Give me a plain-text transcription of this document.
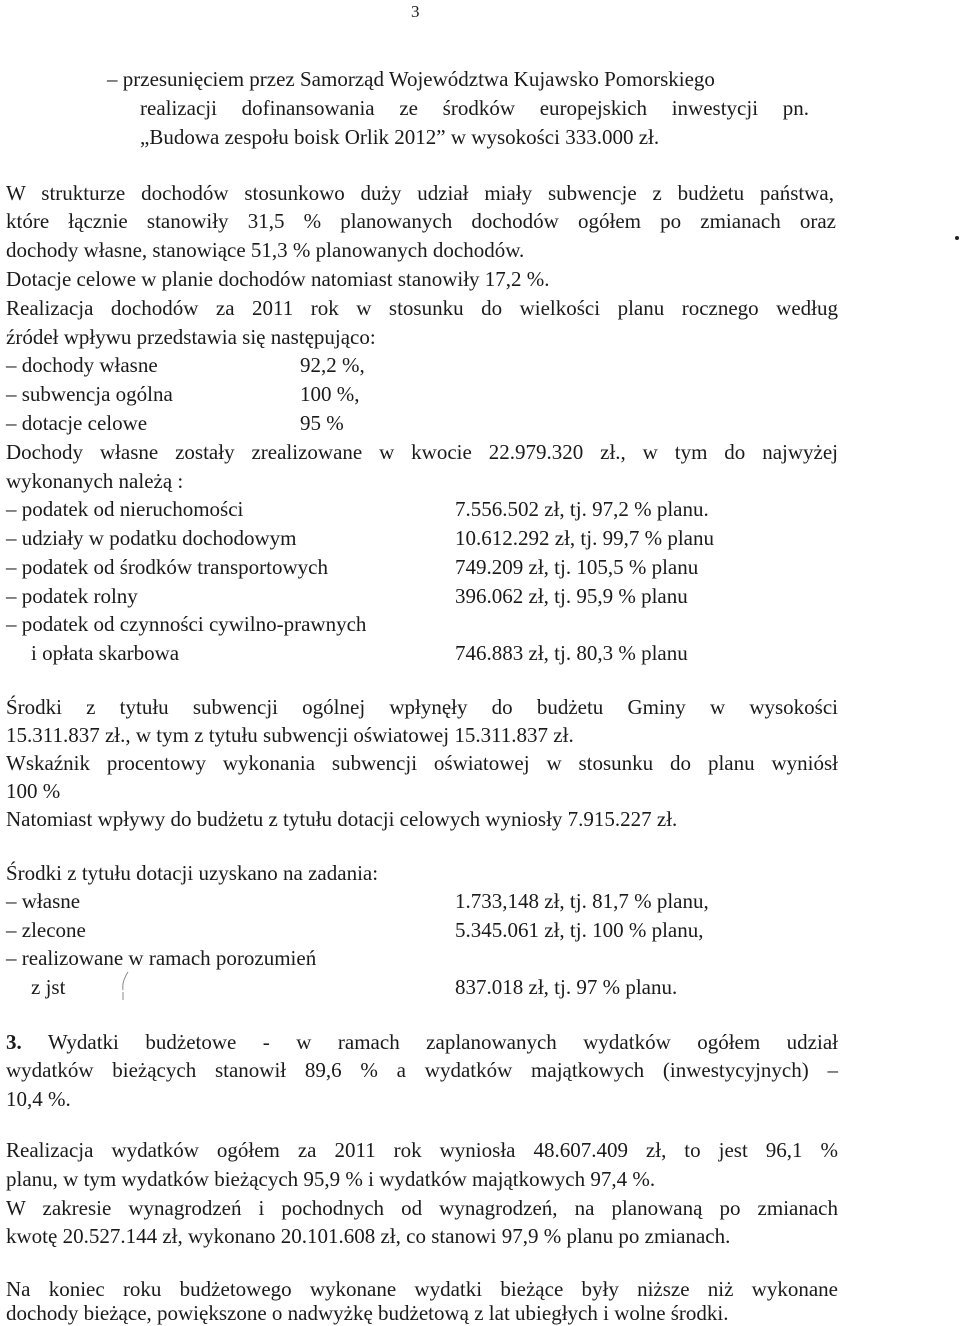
3
– przesunięciem przez Samorząd Województwa Kujawsko Pomorskiego
realizacji dofinansowania ze środków europejskich inwestycji pn.
„Budowa zespołu boisk Orlik 2012” w wysokości 333.000 zł.
W strukturze dochodów stosunkowo duży udział miały subwencje z budżetu państwa,
które łącznie stanowiły 31,5 % planowanych dochodów ogółem po zmianach oraz
dochody własne, stanowiące 51,3 % planowanych dochodów.
Dotacje celowe w planie dochodów natomiast stanowiły 17,2 %.
Realizacja dochodów za 2011 rok w stosunku do wielkości planu rocznego według
źródeł wpływu przedstawia się następująco:
– dochody własne	92,2 %,
– subwencja ogólna	100 %,
– dotacje celowe	95 %
Dochody własne zostały zrealizowane w kwocie 22.979.320 zł., w tym do najwyżej
wykonanych należą :
– podatek od nieruchomości	7.556.502 zł, tj. 97,2 % planu.
– udziały w podatku dochodowym	10.612.292 zł, tj. 99,7 % planu
– podatek od środków transportowych	749.209 zł, tj. 105,5 % planu
– podatek rolny	396.062 zł, tj. 95,9 % planu
– podatek od czynności cywilno-prawnych
i opłata skarbowa	746.883 zł, tj. 80,3 % planu
Środki z tytułu subwencji ogólnej wpłynęły do budżetu Gminy w wysokości
15.311.837 zł., w tym z tytułu subwencji oświatowej 15.311.837 zł.
Wskaźnik procentowy wykonania subwencji oświatowej w stosunku do planu wyniósł
100 %
Natomiast wpływy do budżetu z tytułu dotacji celowych wyniosły 7.915.227 zł.
Środki z tytułu dotacji uzyskano na zadania:
– własne	1.733,148 zł, tj. 81,7 % planu,
– zlecone	5.345.061 zł, tj. 100 % planu,
– realizowane w ramach porozumień
z jst	837.018 zł, tj. 97 % planu.
3. Wydatki budżetowe - w ramach zaplanowanych wydatków ogółem udział
wydatków bieżących stanowił 89,6 % a wydatków majątkowych (inwestycyjnych) –
10,4 %.
Realizacja wydatków ogółem za 2011 rok wyniosła 48.607.409 zł, to jest 96,1 %
planu, w tym wydatków bieżących 95,9 % i wydatków majątkowych 97,4 %.
W zakresie wynagrodzeń i pochodnych od wynagrodzeń, na planowaną po zmianach
kwotę 20.527.144 zł, wykonano 20.101.608 zł, co stanowi 97,9 % planu po zmianach.
Na koniec roku budżetowego wykonane wydatki bieżące były niższe niż wykonane
dochody bieżące, powiększone o nadwyżkę budżetową z lat ubiegłych i wolne środki.
